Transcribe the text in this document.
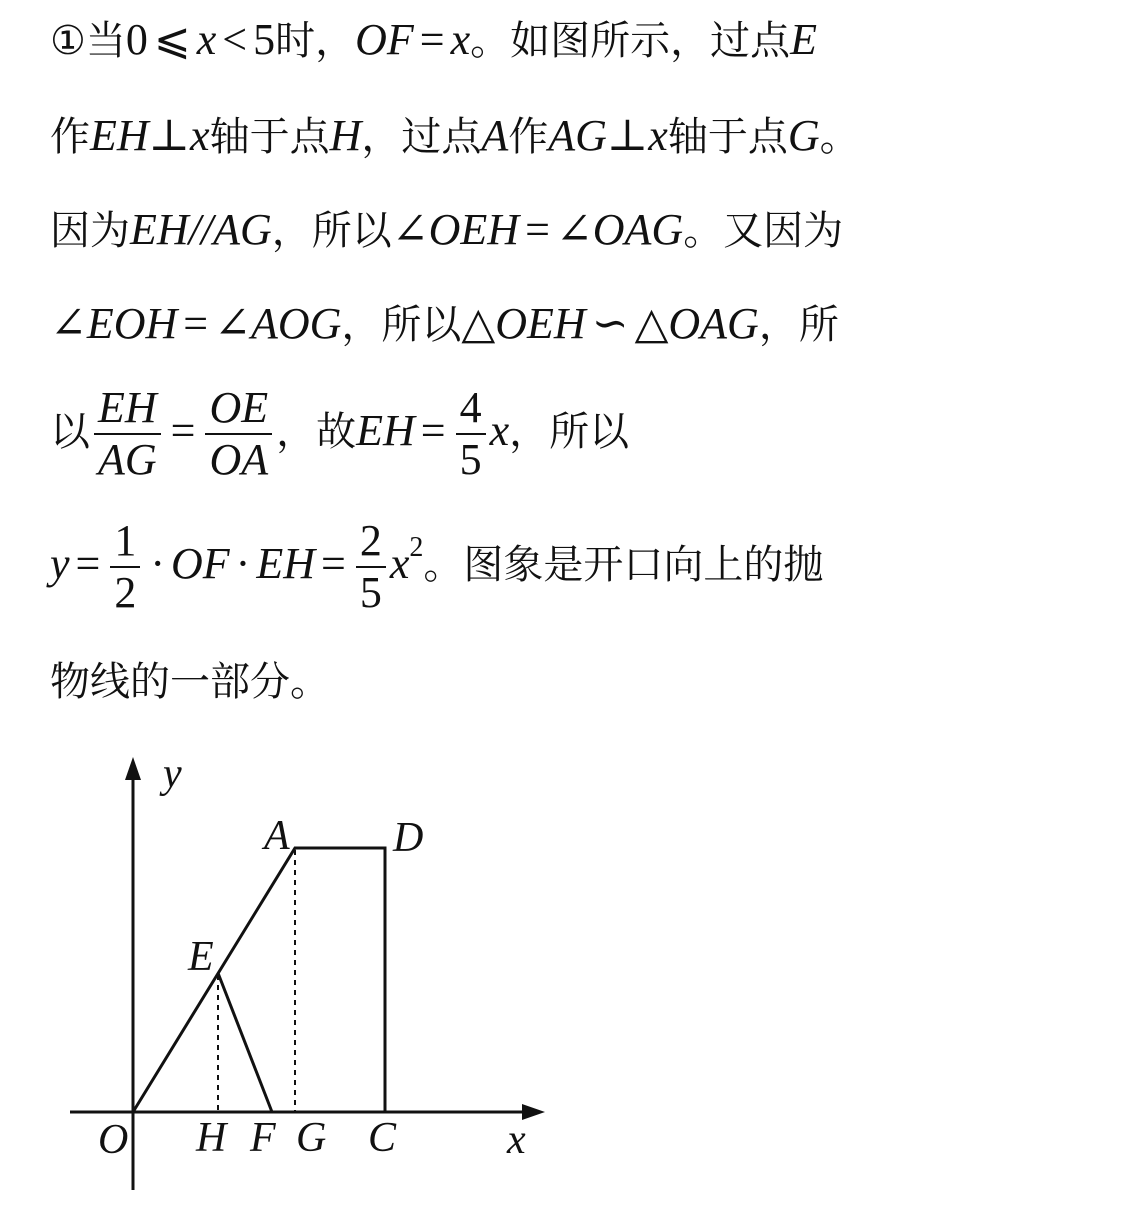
①当0 ⩽ x < 5时，OF = x。如图所示，过点E
作EH⊥x轴于点H，过点A作AG⊥x轴于点G。
因为EH//AG，所以∠OEH = ∠OAG。又因为
∠EOH = ∠AOG，所以△OEH ∽ △OAG，所
以 $\frac{EH}{AG} = \frac{OE}{OA}$ ，故EH = $\frac{4}{5}$ x，所以
$y = \frac{1}{2}$ · OF · EH = $\frac{2}{5} x^2$。图象是开口向上的抛
物线的一部分。
y
x
O
A D
E
H F G C
